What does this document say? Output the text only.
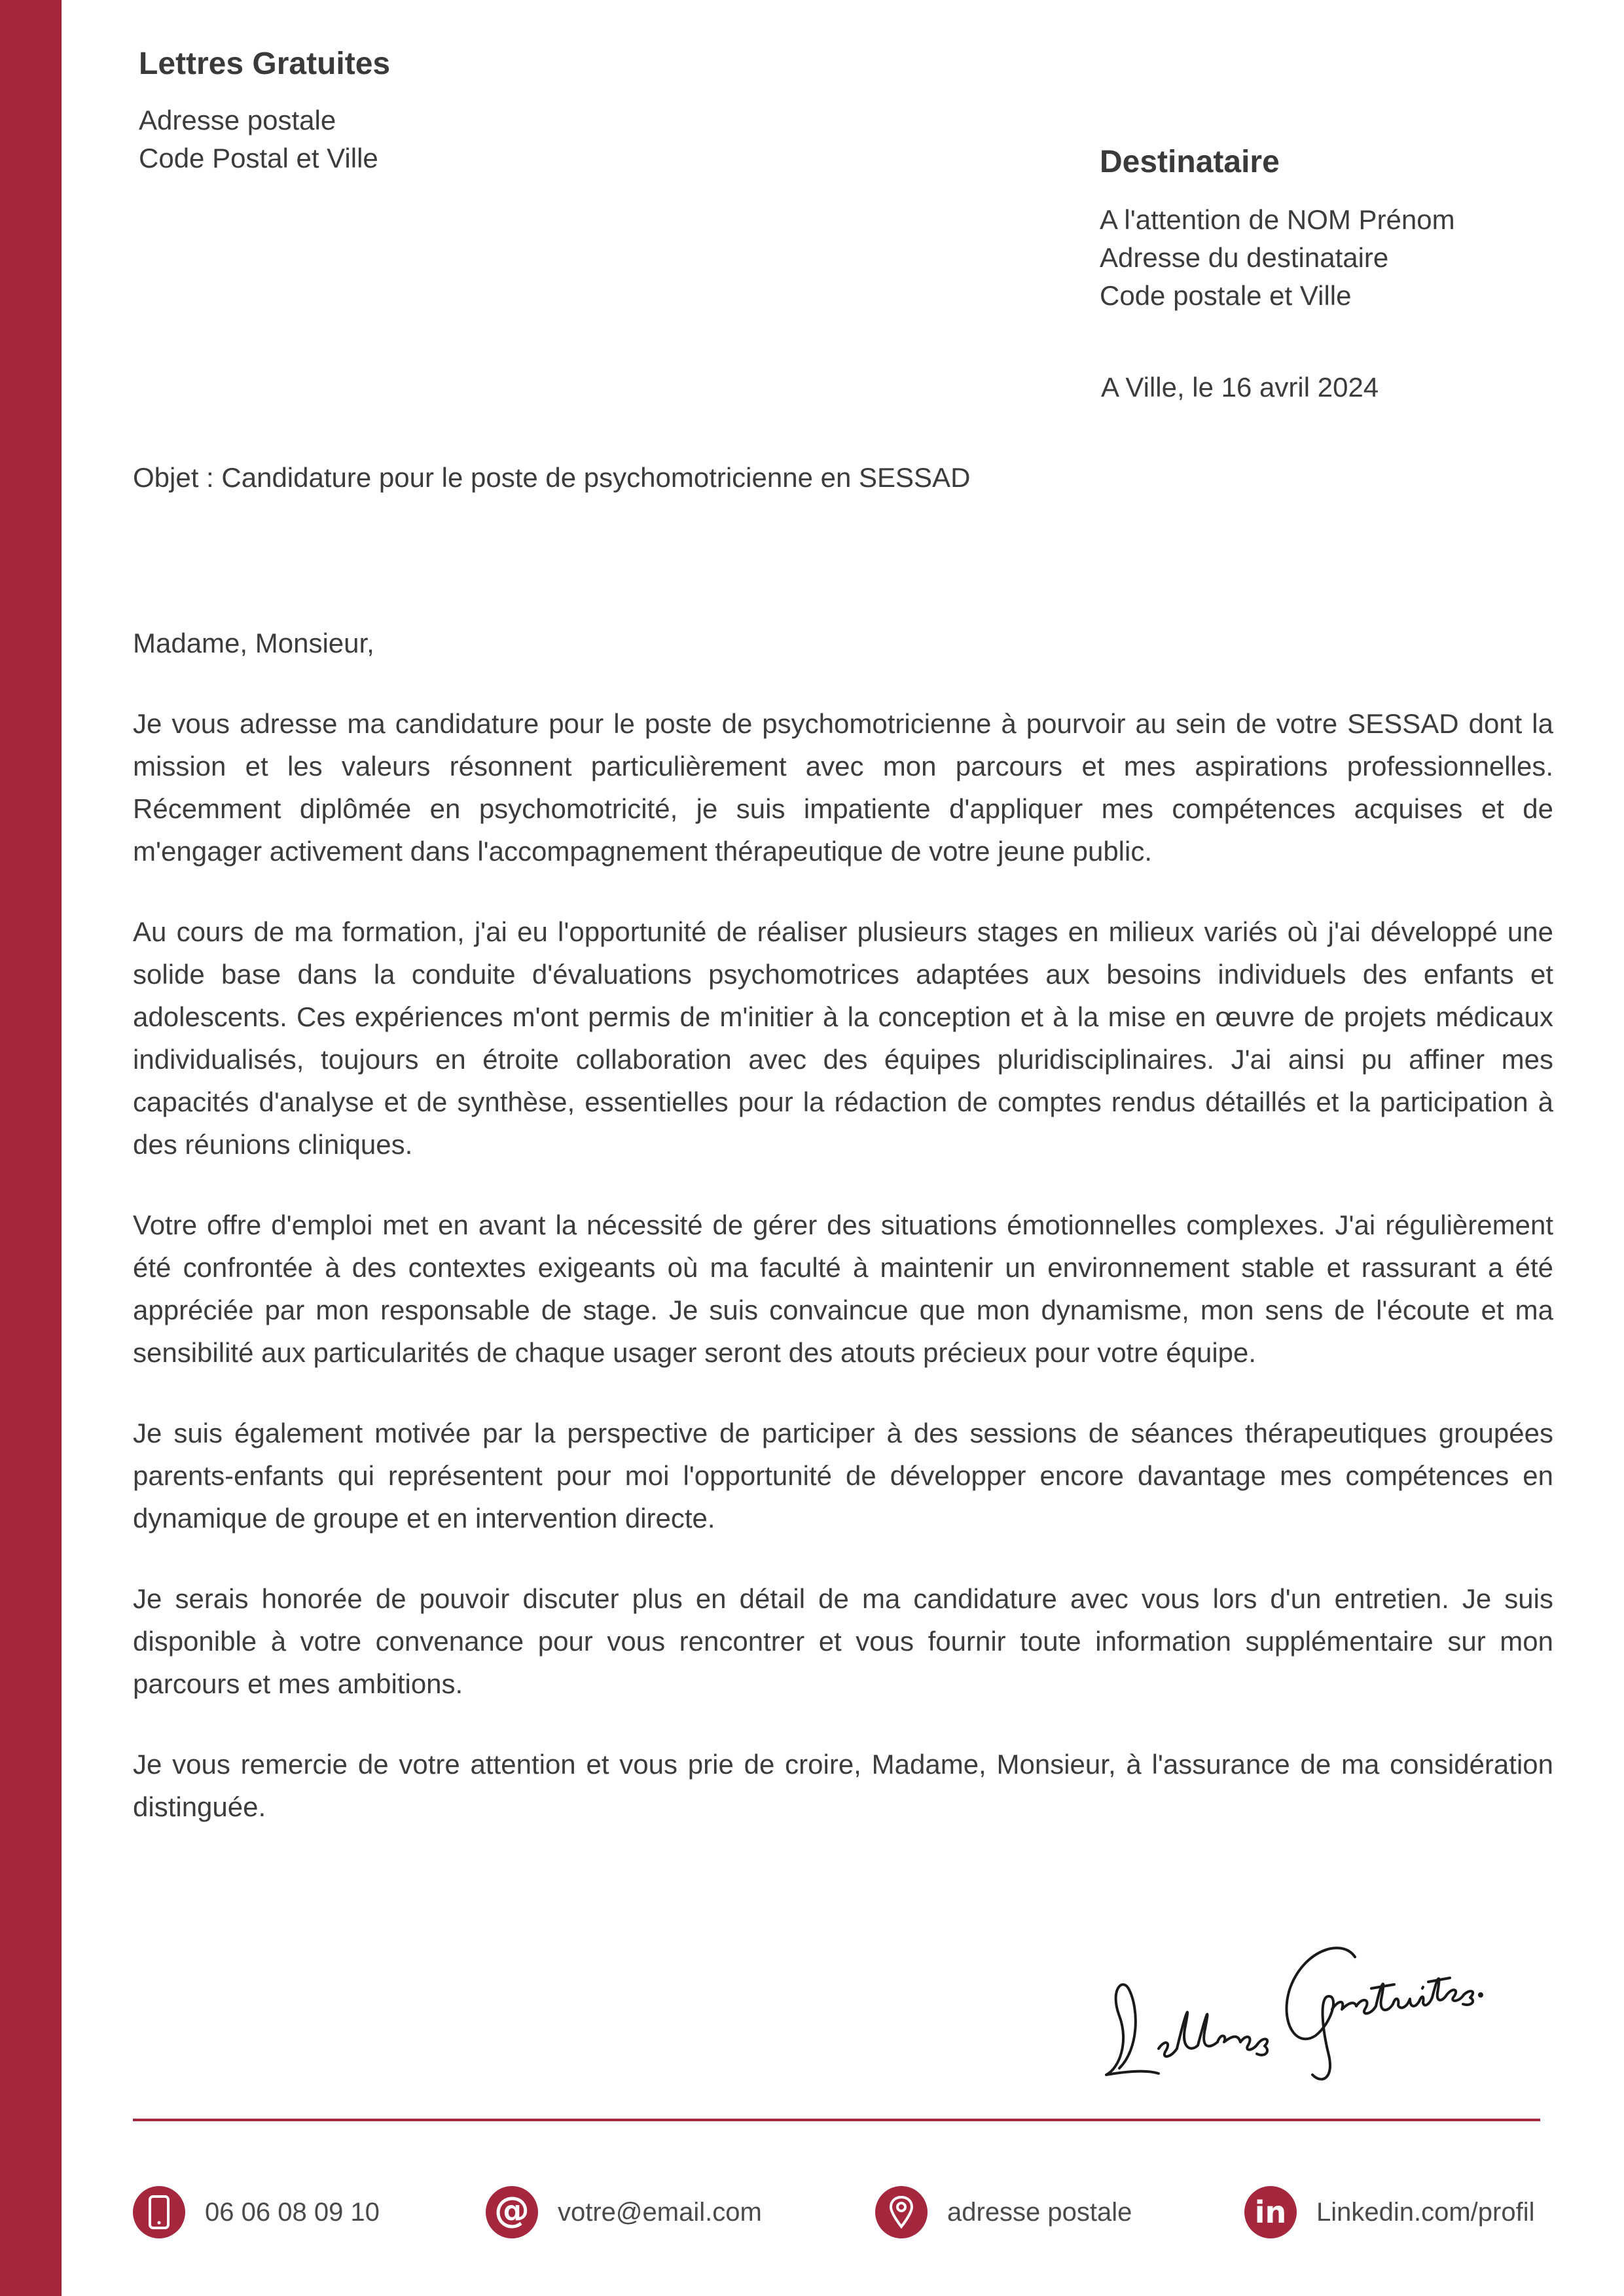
Lettres Gratuites
Adresse postale
Code Postal et Ville	Destinataire
A l'attention de NOM Prénom
Adresse du destinataire
Code postale et Ville
A Ville, le 16 avril 2024
Objet : Candidature pour le poste de psychomotricienne en SESSAD

Madame, Monsieur,

Je vous adresse ma candidature pour le poste de psychomotricienne à pourvoir au sein de votre SESSAD dont la mission et les valeurs résonnent particulièrement avec mon parcours et mes aspirations professionnelles. Récemment diplômée en psychomotricité, je suis impatiente d'appliquer mes compétences acquises et de m'engager activement dans l'accompagnement thérapeutique de votre jeune public.

Au cours de ma formation, j'ai eu l'opportunité de réaliser plusieurs stages en milieux variés où j'ai développé une solide base dans la conduite d'évaluations psychomotrices adaptées aux besoins individuels des enfants et adolescents. Ces expériences m'ont permis de m'initier à la conception et à la mise en œuvre de projets médicaux individualisés, toujours en étroite collaboration avec des équipes pluridisciplinaires. J'ai ainsi pu affiner mes capacités d'analyse et de synthèse, essentielles pour la rédaction de comptes rendus détaillés et la participation à des réunions cliniques.

Votre offre d'emploi met en avant la nécessité de gérer des situations émotionnelles complexes. J'ai régulièrement été confrontée à des contextes exigeants où ma faculté à maintenir un environnement stable et rassurant a été appréciée par mon responsable de stage. Je suis convaincue que mon dynamisme, mon sens de l'écoute et ma sensibilité aux particularités de chaque usager seront des atouts précieux pour votre équipe.

Je suis également motivée par la perspective de participer à des sessions de séances thérapeutiques groupées parents-enfants qui représentent pour moi l'opportunité de développer encore davantage mes compétences en dynamique de groupe et en intervention directe.

Je serais honorée de pouvoir discuter plus en détail de ma candidature avec vous lors d'un entretien. Je suis disponible à votre convenance pour vous rencontrer et vous fournir toute information supplémentaire sur mon parcours et mes ambitions.

Je vous remercie de votre attention et vous prie de croire, Madame, Monsieur, à l'assurance de ma considération distinguée.

06 06 08 09 10	@ votre@email.com	adresse postale	in Linkedin.com/profil
